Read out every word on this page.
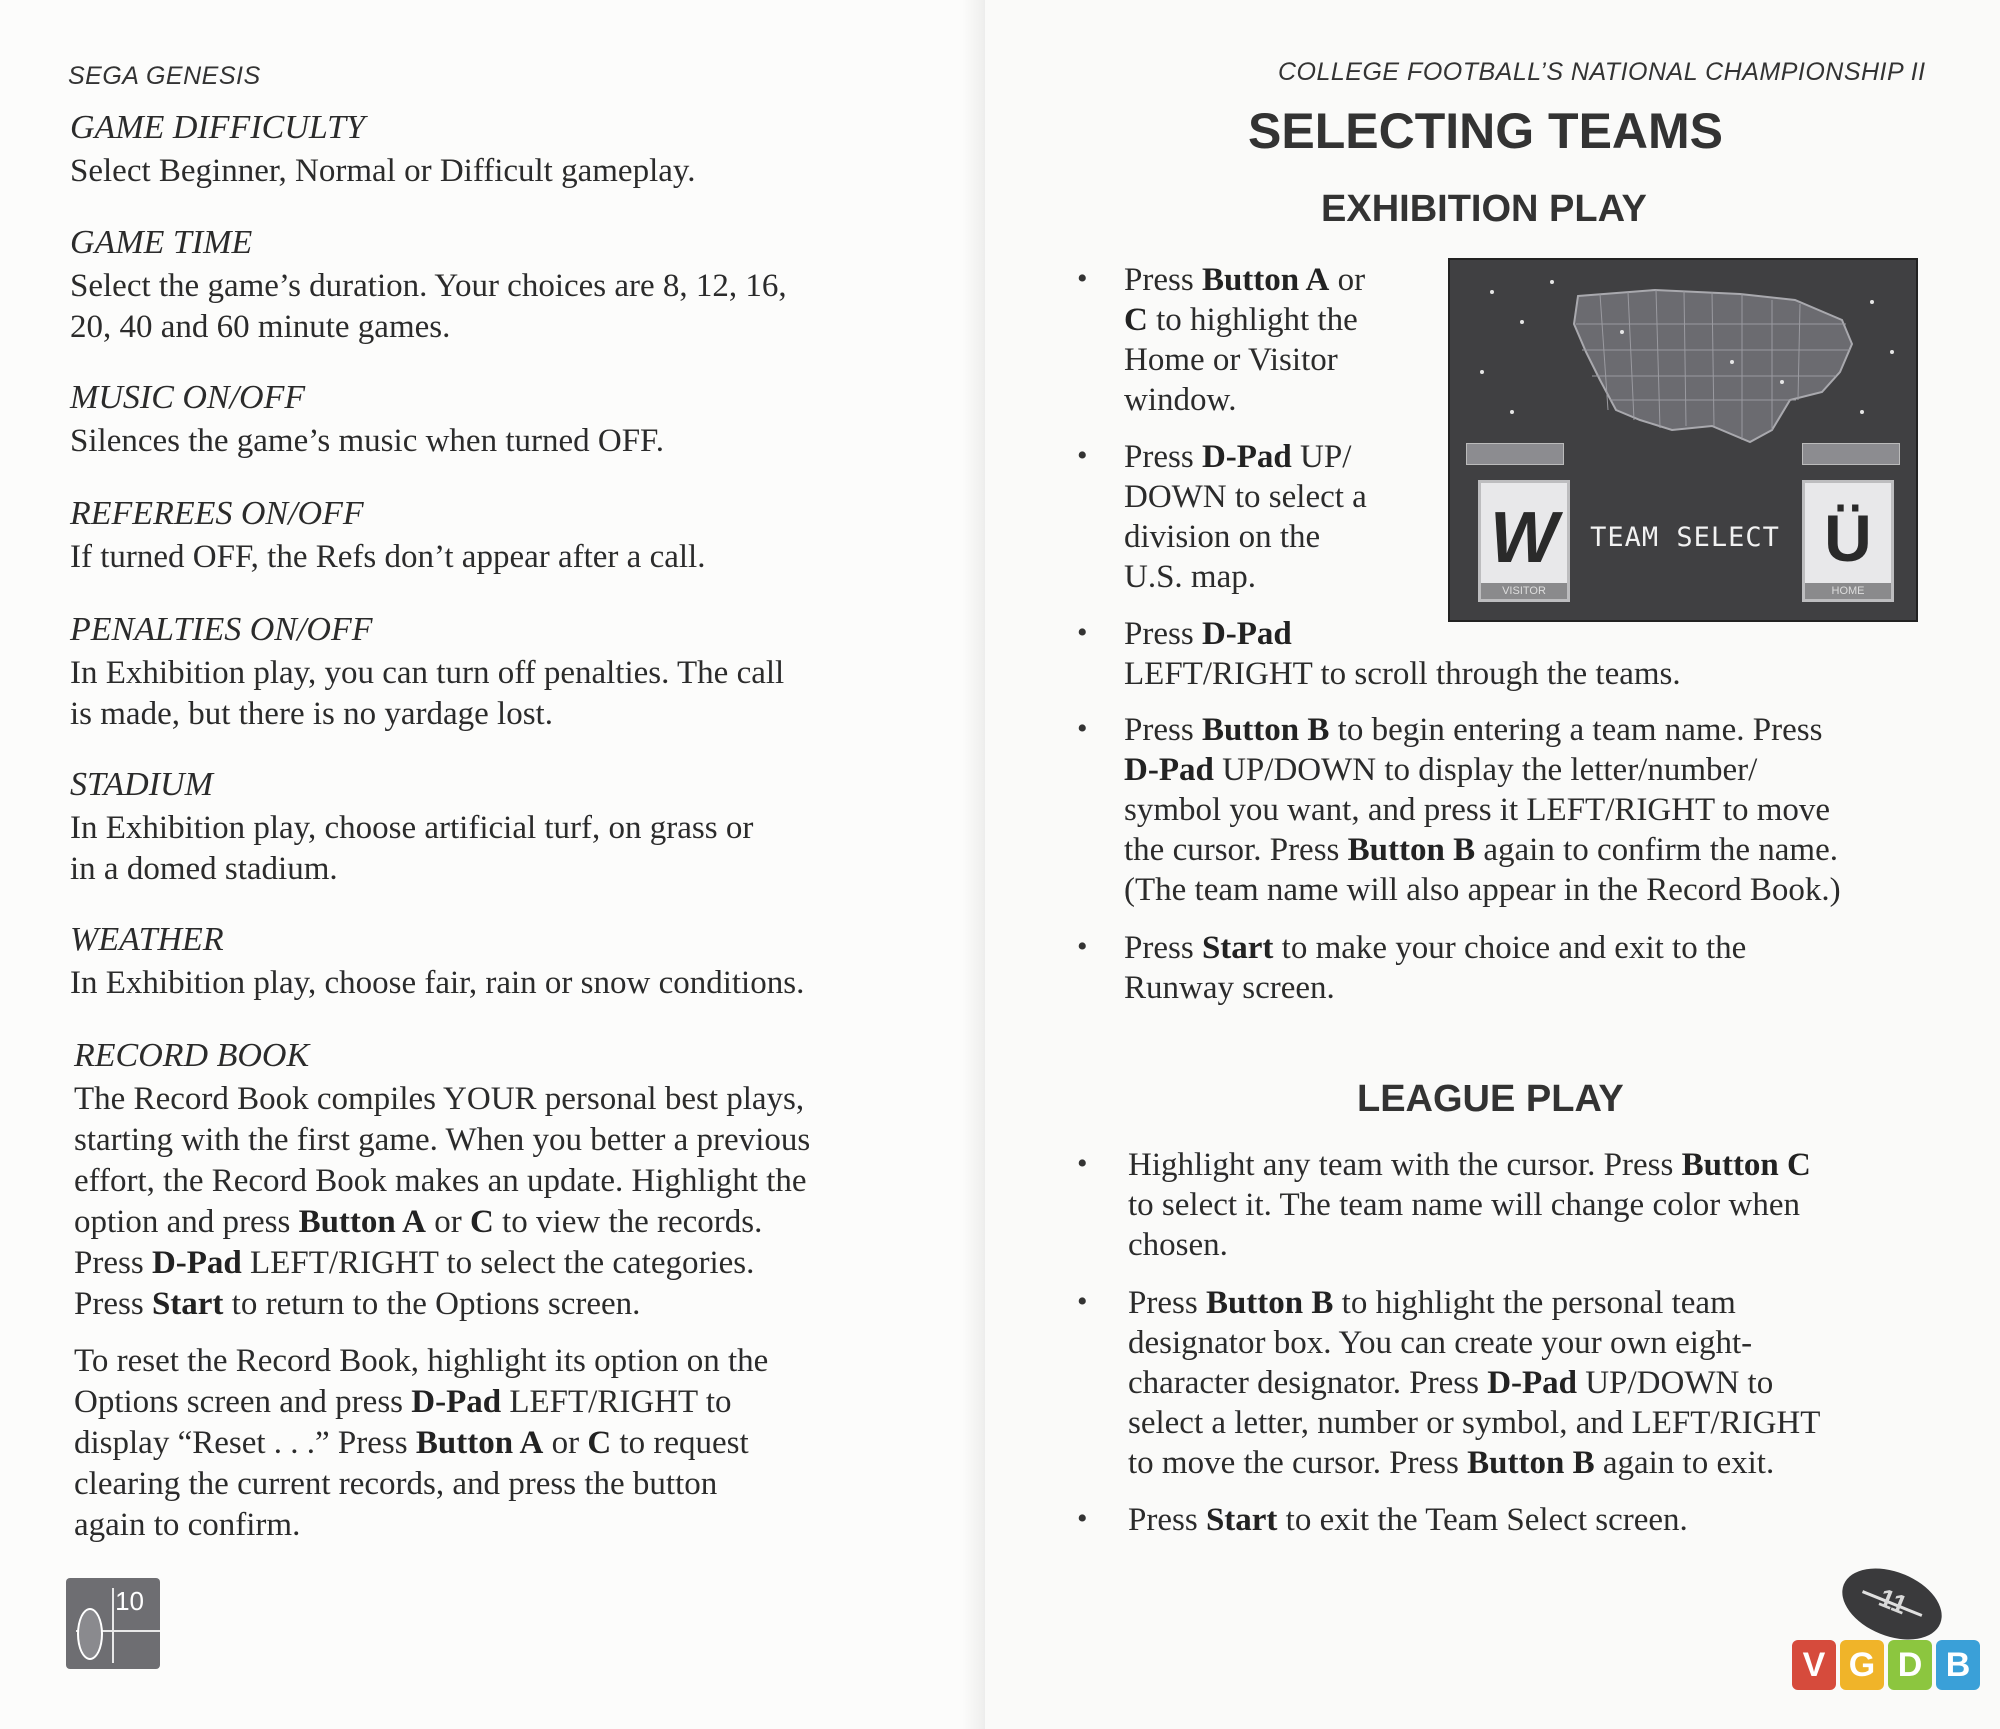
SEGA GENESIS
GAME DIFFICULTY
Select Beginner, Normal or Difficult gameplay.
GAME TIME
Select the game’s duration. Your choices are 8, 12, 16,
20, 40 and 60 minute games.
MUSIC ON/OFF
Silences the game’s music when turned OFF.
REFEREES ON/OFF
If turned OFF, the Refs don’t appear after a call.
PENALTIES ON/OFF
In Exhibition play, you can turn off penalties. The call
is made, but there is no yardage lost.
STADIUM
In Exhibition play, choose artificial turf, on grass or
in a domed stadium.
WEATHER
In Exhibition play, choose fair, rain or snow conditions.
RECORD BOOK
The Record Book compiles YOUR personal best plays,
starting with the first game. When you better a previous
effort, the Record Book makes an update. Highlight the
option and press Button A or C to view the records.
Press D-Pad LEFT/RIGHT to select the categories.
Press Start to return to the Options screen.
To reset the Record Book, highlight its option on the
Options screen and press D-Pad LEFT/RIGHT to
display “Reset . . .” Press Button A or C to request
clearing the current records, and press the button
again to confirm.
10
COLLEGE FOOTBALL’S NATIONAL CHAMPIONSHIP II
SELECTING TEAMS
EXHIBITION PLAY
LEAGUE PLAY
• Press Button A or
C to highlight the
Home or Visitor
window.
• Press D-Pad UP/
DOWN to select a
division on the
U.S. map.
• Press D-Pad
LEFT/RIGHT to scroll through the teams.
• Press Button B to begin entering a team name. Press
D-Pad UP/DOWN to display the letter/number/
symbol you want, and press it LEFT/RIGHT to move
the cursor. Press Button B again to confirm the name.
(The team name will also appear in the Record Book.)
• Press Start to make your choice and exit to the
Runway screen.
• Highlight any team with the cursor. Press Button C
to select it. The team name will change color when
chosen.
• Press Button B to highlight the personal team
designator box. You can create your own eight-
character designator. Press D-Pad UP/DOWN to
select a letter, number or symbol, and LEFT/RIGHT
to move the cursor. Press Button B again to exit.
• Press Start to exit the Team Select screen.
W
VISITOR
TEAM SELECT Ü
HOME
11
V G D B
